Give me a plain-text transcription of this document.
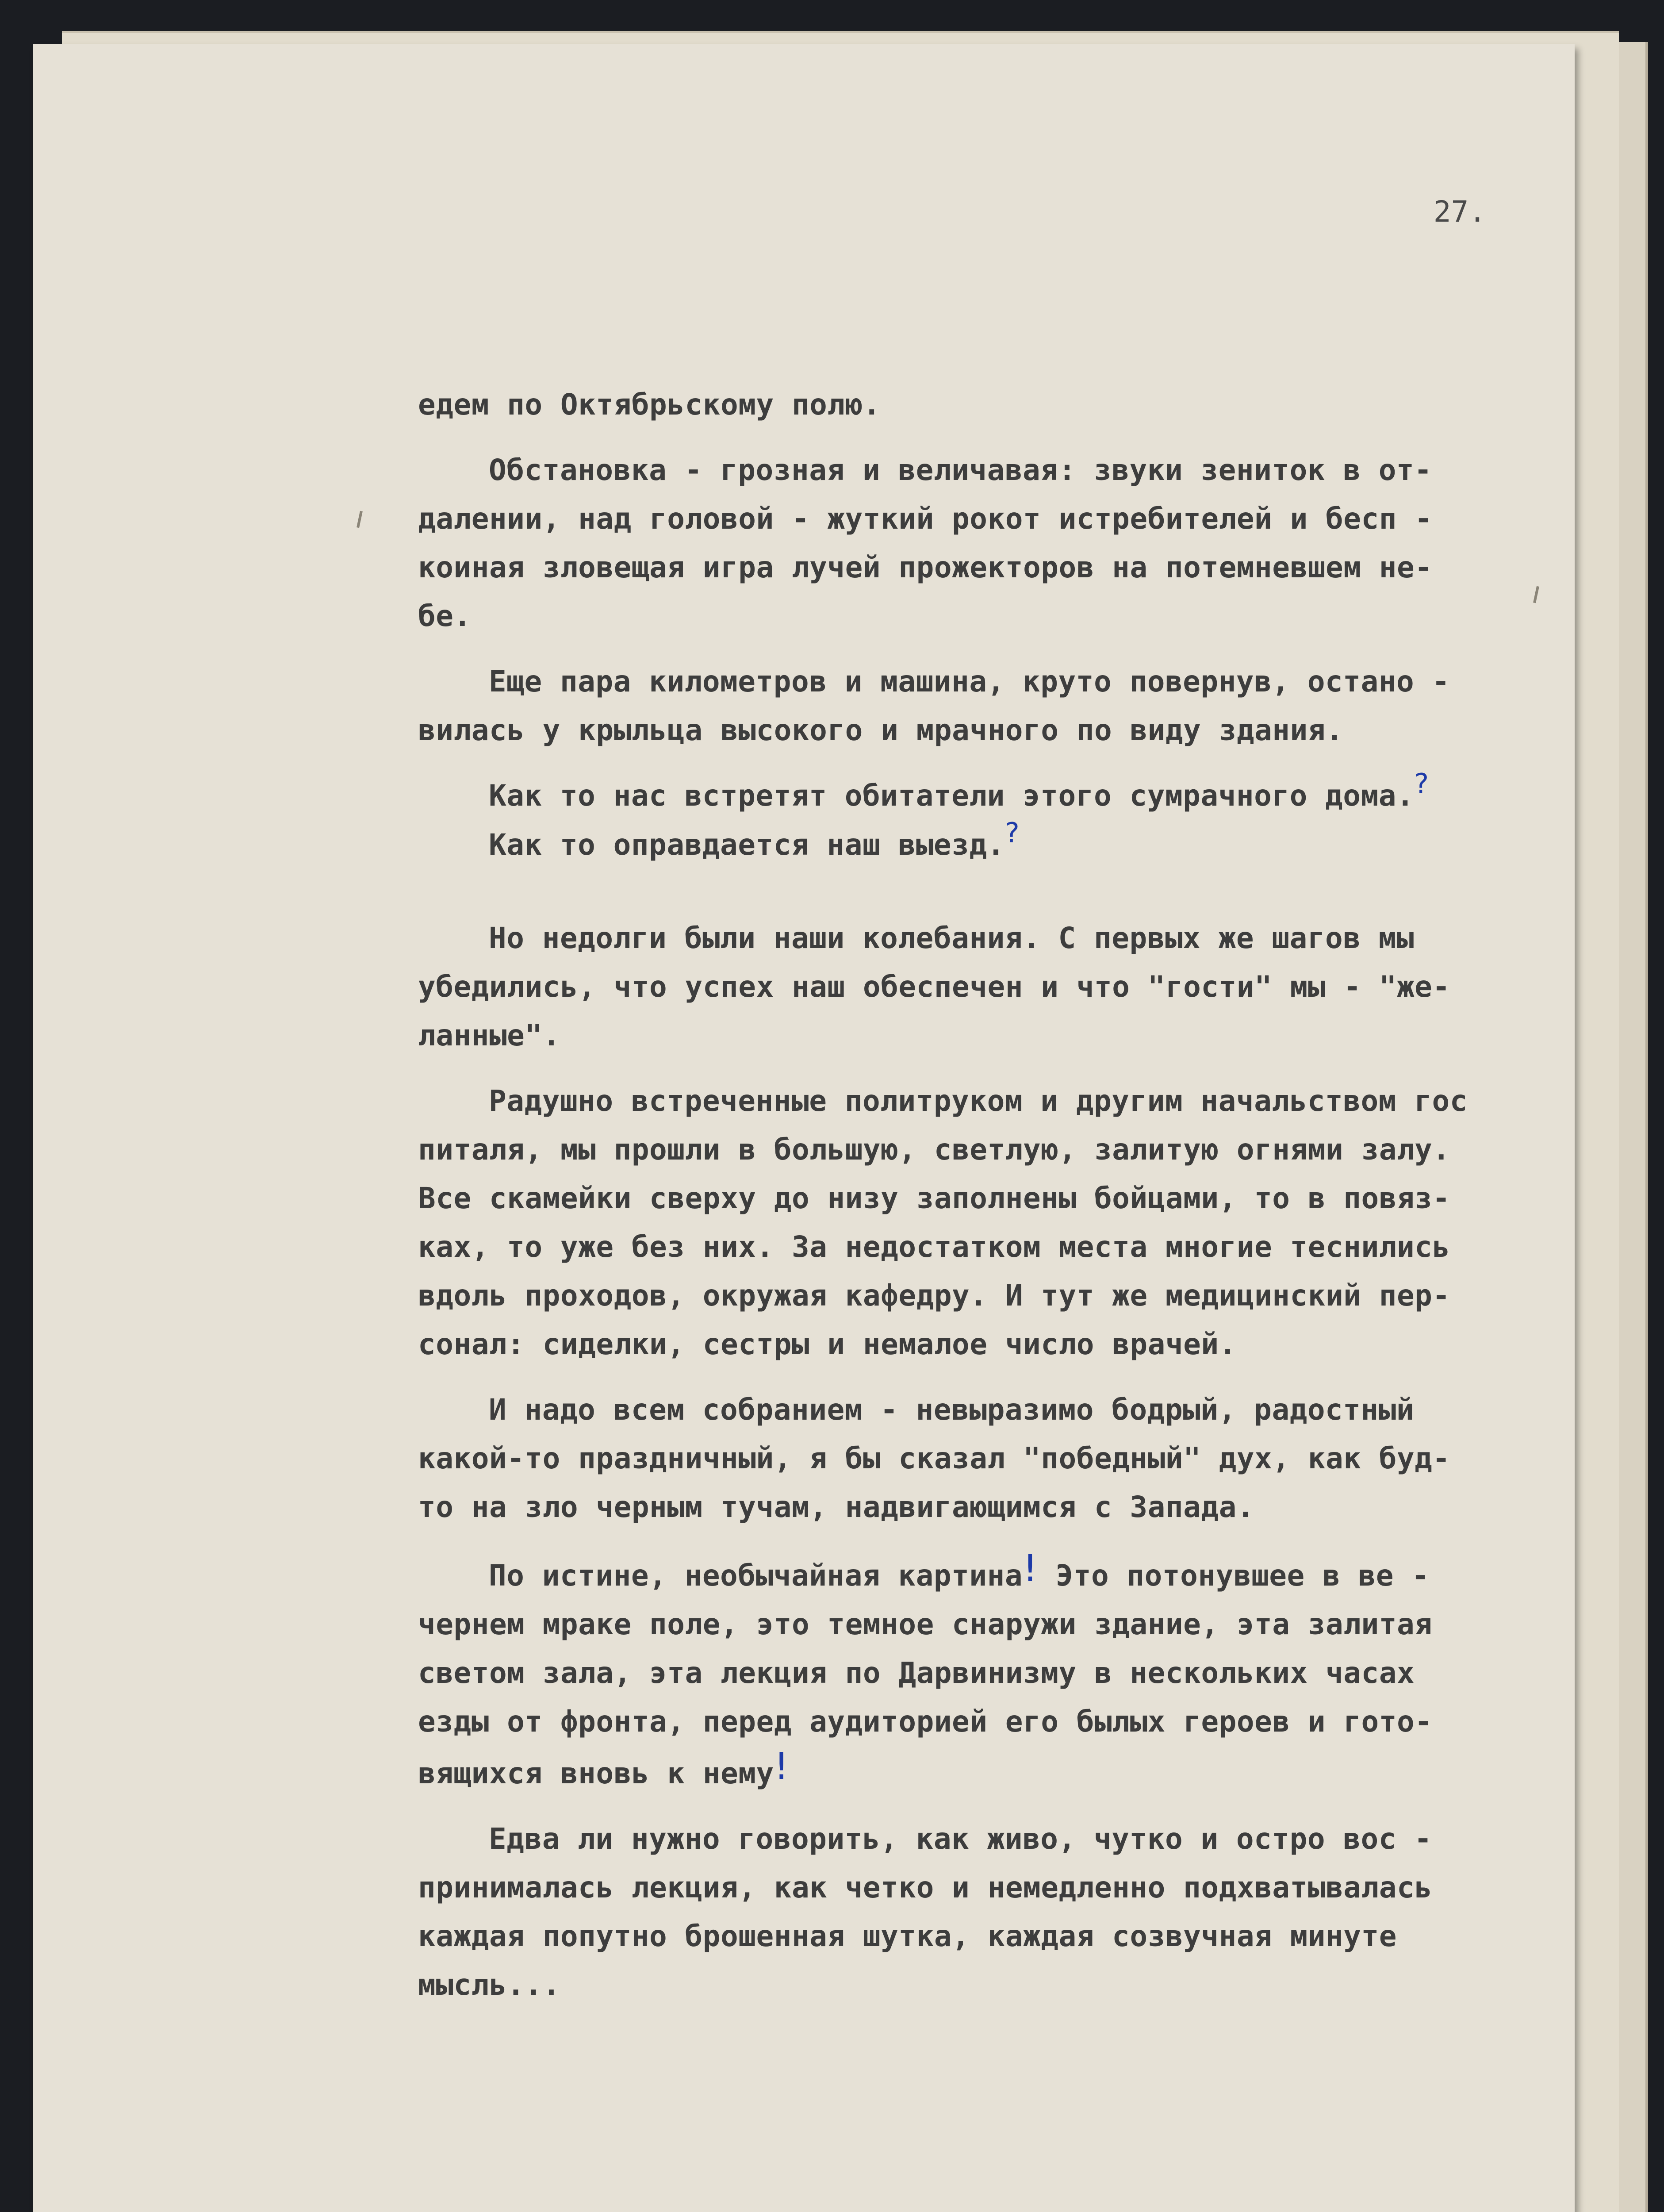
27.
едем по Октябрьскому полю.
Обстановка - грозная и величавая: звуки зениток в от-
далении, над головой - жуткий рокот истребителей и бесп -
коиная зловещая игра лучей прожекторов на потемневшем не-
бе.
Еще пара километров и машина, круто повернув, остано -
вилась у крыльца высокого и мрачного по виду здания.
Как то нас встретят обитатели этого сумрачного дома.?
Как то оправдается наш выезд.?
Но недолги были наши колебания. С первых же шагов мы
убедились, что успех наш обеспечен и что "гости" мы - "же-
ланные".
Радушно встреченные политруком и другим начальством гос
питаля, мы прошли в большую, светлую, залитую огнями залу.
Все скамейки сверху до низу заполнены бойцами, то в повяз-
ках, то уже без них. За недостатком места многие теснились
вдоль проходов, окружая кафедру. И тут же медицинский пер-
сонал: сиделки, сестры и немалое число врачей.
И надо всем собранием - невыразимо бодрый, радостный
какой-то праздничный, я бы сказал "победный" дух, как буд-
то на зло черным тучам, надвигающимся с Запада.
По истине, необычайная картина! Это потонувшее в ве -
чернем мраке поле, это темное снаружи здание, эта залитая
светом зала, эта лекция по Дарвинизму в нескольких часах
езды от фронта, перед аудиторией его былых героев и гото-
вящихся вновь к нему!
Едва ли нужно говорить, как живо, чутко и остро вос -
принималась лекция, как четко и немедленно подхватывалась
каждая попутно брошенная шутка, каждая созвучная минуте
мысль...
